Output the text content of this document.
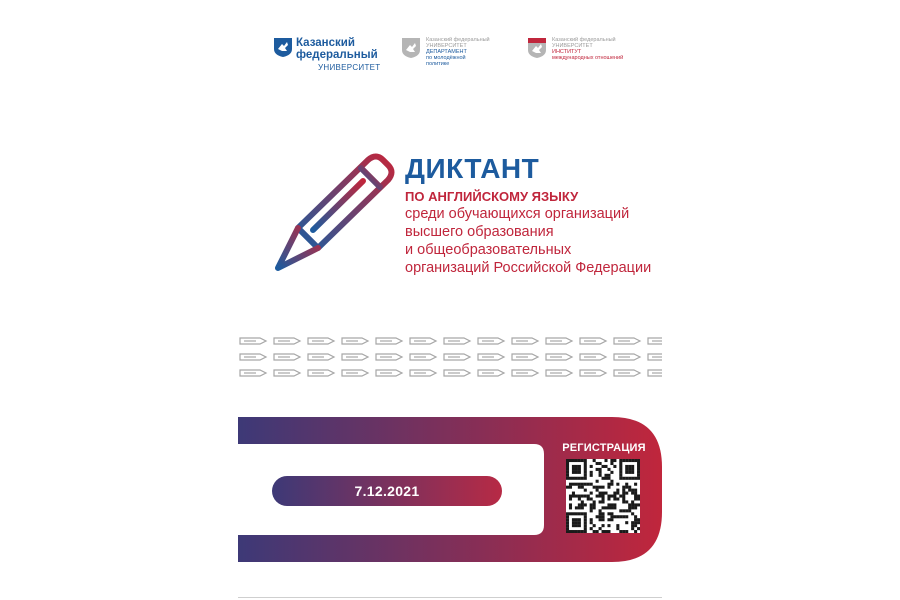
Казанский
федеральный
УНИВЕРСИТЕТ
Казанский федеральный
УНИВЕРСИТЕТ
ДЕПАРТАМЕНТ
по молодёжной
политике
Казанский федеральный
УНИВЕРСИТЕТ
ИНСТИТУТ
международных отношений
ДИКТАНТ
ПО АНГЛИЙСКОМУ ЯЗЫКУ
среди обучающихся организаций
высшего образования
и общеобразовательных
организаций Российской Федерации
7.12.2021
РЕГИСТРАЦИЯ
